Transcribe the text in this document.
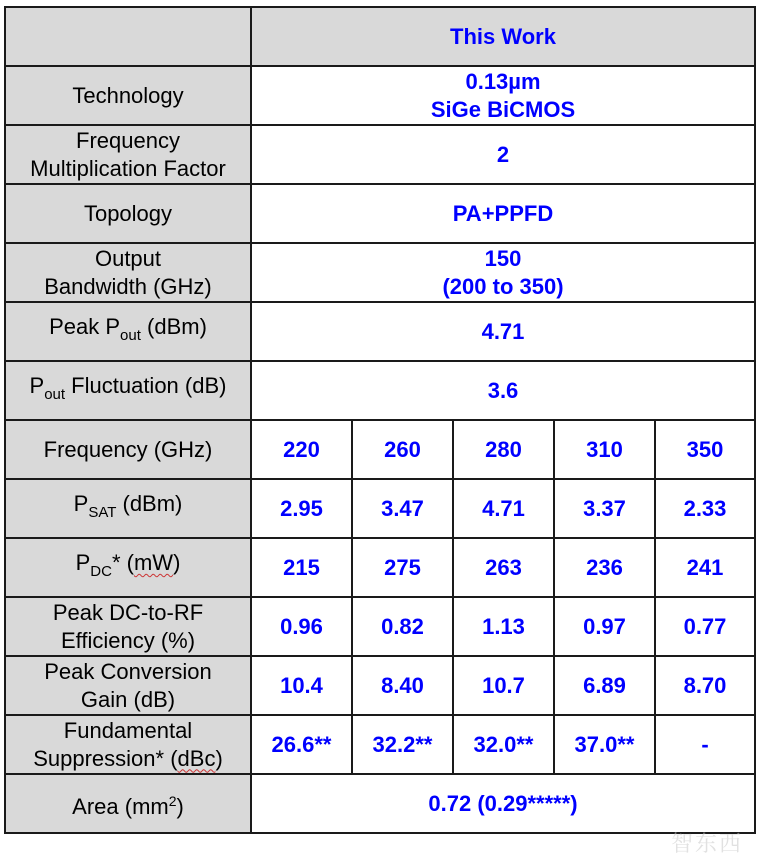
	This Work				
Technology	0.13µm
SiGe BiCMOS				
Frequency
Multiplication Factor	2				
Topology	PA+PPFD				
Output
Bandwidth (GHz)	150
(200 to 350)				
Peak $P_{out}$ (dBm)	4.71				
$P_{out}$ Fluctuation (dB)	3.6				
Frequency (GHz)	220	260	280	310	350
$P_{SAT}$ (dBm)	2.95	3.47	4.71	3.37	2.33
$P_{DC}*$ (mW)	215	275	263	236	241
Peak DC-to-RF
Efficiency (%)	0.96	0.82	1.13	0.97	0.77
Peak Conversion
Gain (dB)	10.4	8.40	10.7	6.89	8.70
Fundamental
Suppression* (dBc)	26.6**	32.2**	32.0**	37.0**	-
Area $(mm^2)$	0.72 (0.29*****)				
智东西
